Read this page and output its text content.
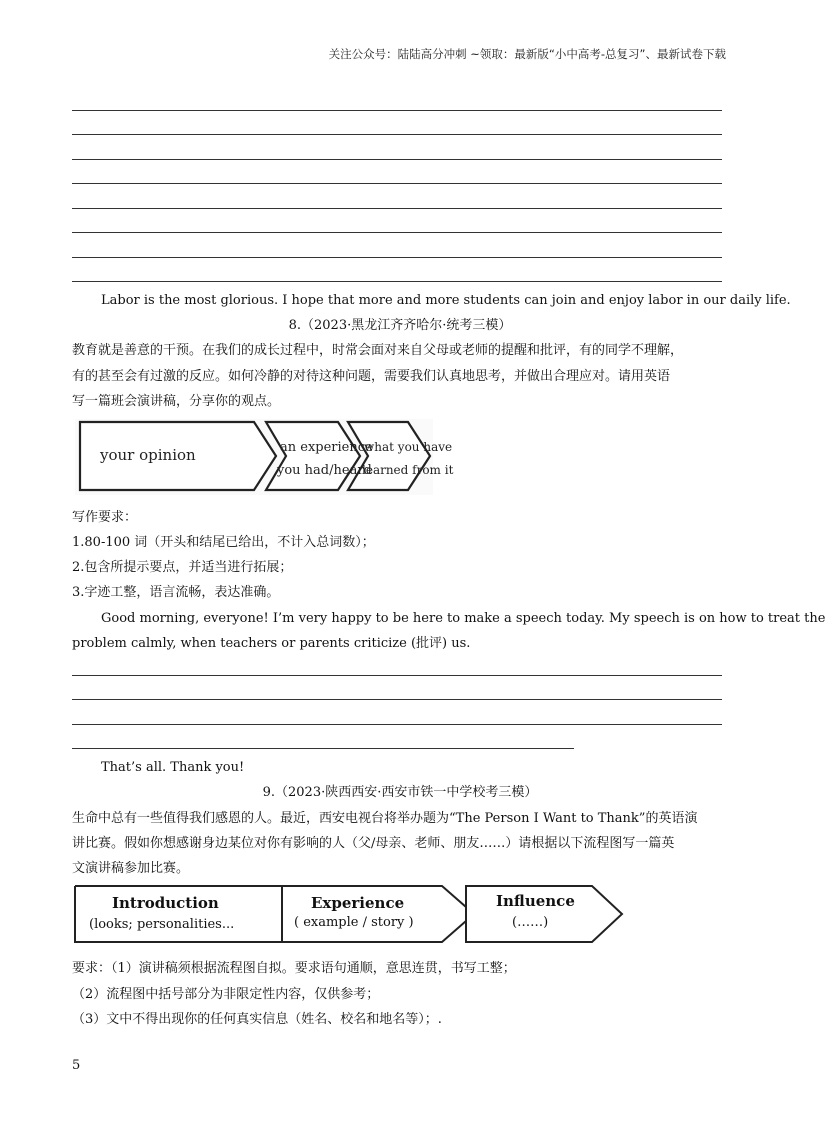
关注公众号：陆陆高分冲刺 ~领取：最新版“小中高考-总复习”、最新试卷下载
Labor is the most glorious. I hope that more and more students can join and enjoy labor in our daily life.
8.（2023·黑龙江齐齐哈尔·统考三模）
教育就是善意的干预。在我们的成长过程中，时常会面对来自父母或老师的提醒和批评，有的同学不理解，
有的甚至会有过激的反应。如何冷静的对待这种问题，需要我们认真地思考，并做出合理应对。请用英语
写一篇班会演讲稿，分享你的观点。
your opinion	an experience
you had/heard
what you have
learned from it
写作要求：
1.80-100 词（开头和结尾已给出，不计入总词数）；
2.包含所提示要点，并适当进行拓展；
3.字迹工整，语言流畅，表达准确。
Good morning, everyone! I’m very happy to be here to make a speech today. My speech is on how to treat the
problem calmly, when teachers or parents criticize (批评) us.
That’s all. Thank you!
9.（2023·陕西西安·西安市铁一中学校考三模）
生命中总有一些值得我们感恩的人。最近，西安电视台将举办题为“The Person I Want to Thank”的英语演
讲比赛。假如你想感谢身边某位对你有影响的人（父/母亲、老师、朋友……）请根据以下流程图写一篇英
文演讲稿参加比赛。
Introduction
(looks; personalities...
Experience
( example / story )
Influence
(……)
要求：（1）演讲稿须根据流程图自拟。要求语句通顺，意思连贯，书写工整；
（2）流程图中括号部分为非限定性内容，仅供参考；
（3）文中不得出现你的任何真实信息（姓名、校名和地名等）；.
5
